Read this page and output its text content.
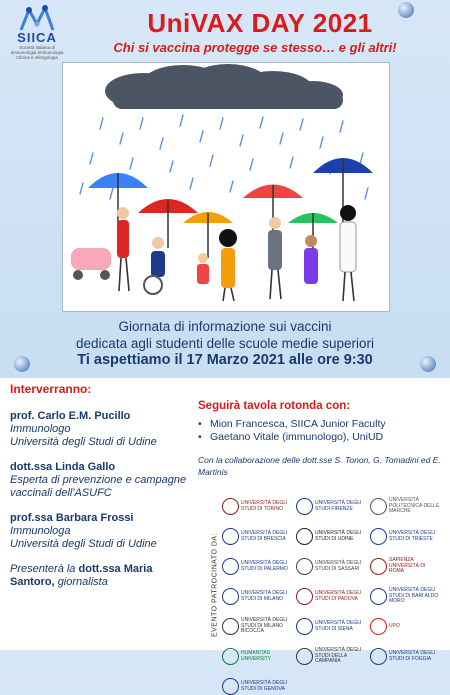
SIICA
Società Italiana di Immunologia Immunologia Clinica e Allergologia
UniVAX DAY 2021
Chi si vaccina protegge se stesso… e gli altri!
Giornata di informazione sui vaccini
dedicata agli studenti delle scuole medie superiori
Ti aspettiamo il 17 Marzo 2021 alle ore 9:30
Interverranno:
prof. Carlo E.M. Pucillo
Immunologo
Università degli Studi di Udine
dott.ssa Linda Gallo
Esperta di prevenzione e campagne vaccinali dell'ASUFC
prof.ssa Barbara Frossi
Immunologa
Università degli Studi di Udine
Presenterà la dott.ssa Maria Santoro, giornalista
Seguirà tavola rotonda con:
• Mion Francesca, SIICA Junior Faculty
• Gaetano Vitale (immunologo), UniUD
Con la collaborazione delle dott.sse S. Tonon, G. Tomadini ed E. Martinis
EVENTO PATROCINATO DA:
UNIVERSITÀ DEGLI STUDI DI TORINO
UNIVERSITÀ DEGLI STUDI FIRENZE
UNIVERSITÀ POLITECNICA DELLE MARCHE
UNIVERSITÀ DEGLI STUDI DI BRESCIA
UNIVERSITÀ DEGLI STUDI DI UDINE
UNIVERSITÀ DEGLI STUDI DI TRIESTE
UNIVERSITÀ DEGLI STUDI DI PALERMO
UNIVERSITÀ DEGLI STUDI DI SASSARI
SAPIENZA UNIVERSITÀ DI ROMA
UNIVERSITÀ DEGLI STUDI DI MILANO
UNIVERSITÀ DEGLI STUDI DI PADOVA
UNIVERSITÀ DEGLI STUDI DI BARI ALDO MORO
UNIVERSITÀ DEGLI STUDI DI MILANO BICOCCA
UNIVERSITÀ DEGLI STUDI DI SIENA	UPO
HUMANITAS UNIVERSITY
UNIVERSITÀ DEGLI STUDI DELLA CAMPANIA
UNIVERSITÀ DEGLI STUDI DI FOGGIA
UNIVERSITÀ DEGLI STUDI DI GENOVA
